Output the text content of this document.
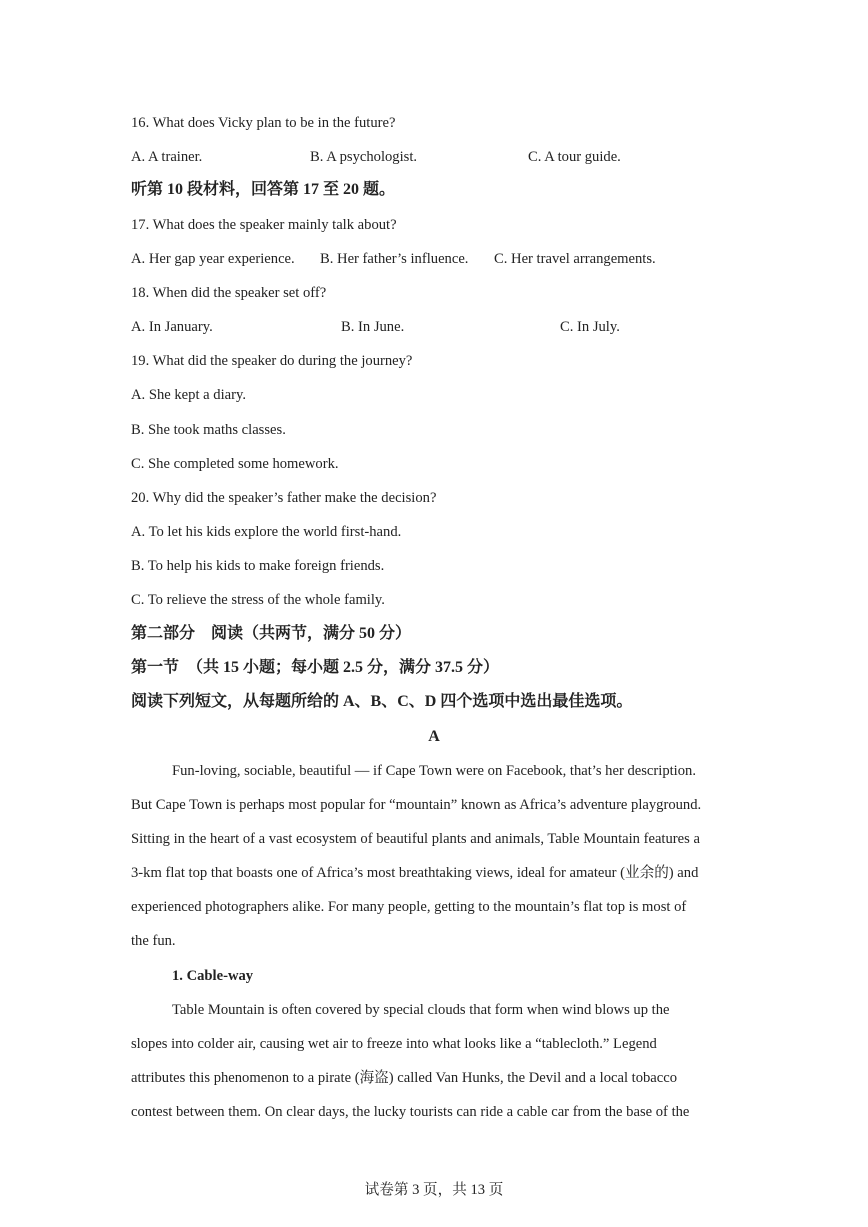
16. What does Vicky plan to be in the future?
A. A trainer.	B. A psychologist.	C. A tour guide.
听第 10 段材料，回答第 17 至 20 题。
17. What does the speaker mainly talk about?
A. Her gap year experience. B. Her father’s influence. C. Her travel arrangements.
18. When did the speaker set off?
A. In January.	B. In June.	C. In July.
19. What did the speaker do during the journey?
A. She kept a diary.
B. She took maths classes.
C. She completed some homework.
20. Why did the speaker’s father make the decision?
A. To let his kids explore the world first-hand.
B. To help his kids to make foreign friends.
C. To relieve the stress of the whole family.
第二部分　阅读（共两节，满分 50 分）
第一节　（共 15 小题；每小题 2.5 分，满分 37.5 分）
阅读下列短文，从每题所给的 A、B、C、D 四个选项中选出最佳选项。
A
Fun-loving, sociable, beautiful — if Cape Town were on Facebook, that’s her description.
But Cape Town is perhaps most popular for “mountain” known as Africa’s adventure playground.
Sitting in the heart of a vast ecosystem of beautiful plants and animals, Table Mountain features a
3-km flat top that boasts one of Africa’s most breathtaking views, ideal for amateur (业余的) and
experienced photographers alike. For many people, getting to the mountain’s flat top is most of
the fun.
1. Cable-way
Table Mountain is often covered by special clouds that form when wind blows up the
slopes into colder air, causing wet air to freeze into what looks like a “tablecloth.” Legend
attributes this phenomenon to a pirate (海盗) called Van Hunks, the Devil and a local tobacco
contest between them. On clear days, the lucky tourists can ride a cable car from the base of the
试卷第 3 页，共 13 页
